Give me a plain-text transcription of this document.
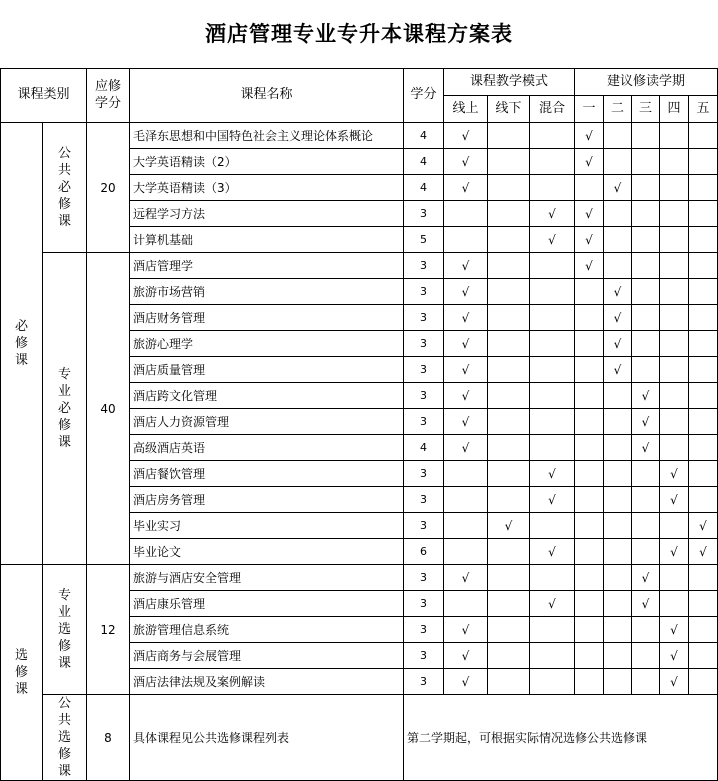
酒店管理专业专升本课程方案表
课程类别		应修学分	课程名称	学分	课程教学模式			建议修读学期				
					线上	线下	混合	一	二	三	四	五
必修课	公共必修课	20	毛泽东思想和中国特色社会主义理论体系概论	4	√			√				
			大学英语精读（2）	4	√			√				
			大学英语精读（3）	4	√				√			
			远程学习方法	3			√	√				
			计算机基础	5			√	√				
	专业必修课	40	酒店管理学	3	√			√				
			旅游市场营销	3	√				√			
			酒店财务管理	3	√				√			
			旅游心理学	3	√				√			
			酒店质量管理	3	√				√			
			酒店跨文化管理	3	√					√		
			酒店人力资源管理	3	√					√		
			高级酒店英语	4	√					√		
			酒店餐饮管理	3			√				√	
			酒店房务管理	3			√				√	
			毕业实习	3		√						√
			毕业论文	6			√				√	√
选修课	专业选修课	12	旅游与酒店安全管理	3	√					√		
			酒店康乐管理	3			√			√		
			旅游管理信息系统	3	√						√	
			酒店商务与会展管理	3	√						√	
			酒店法律法规及案例解读	3	√						√	
	公共选修课	8	具体课程见公共选修课程列表	第二学期起，可根据实际情况选修公共选修课								
